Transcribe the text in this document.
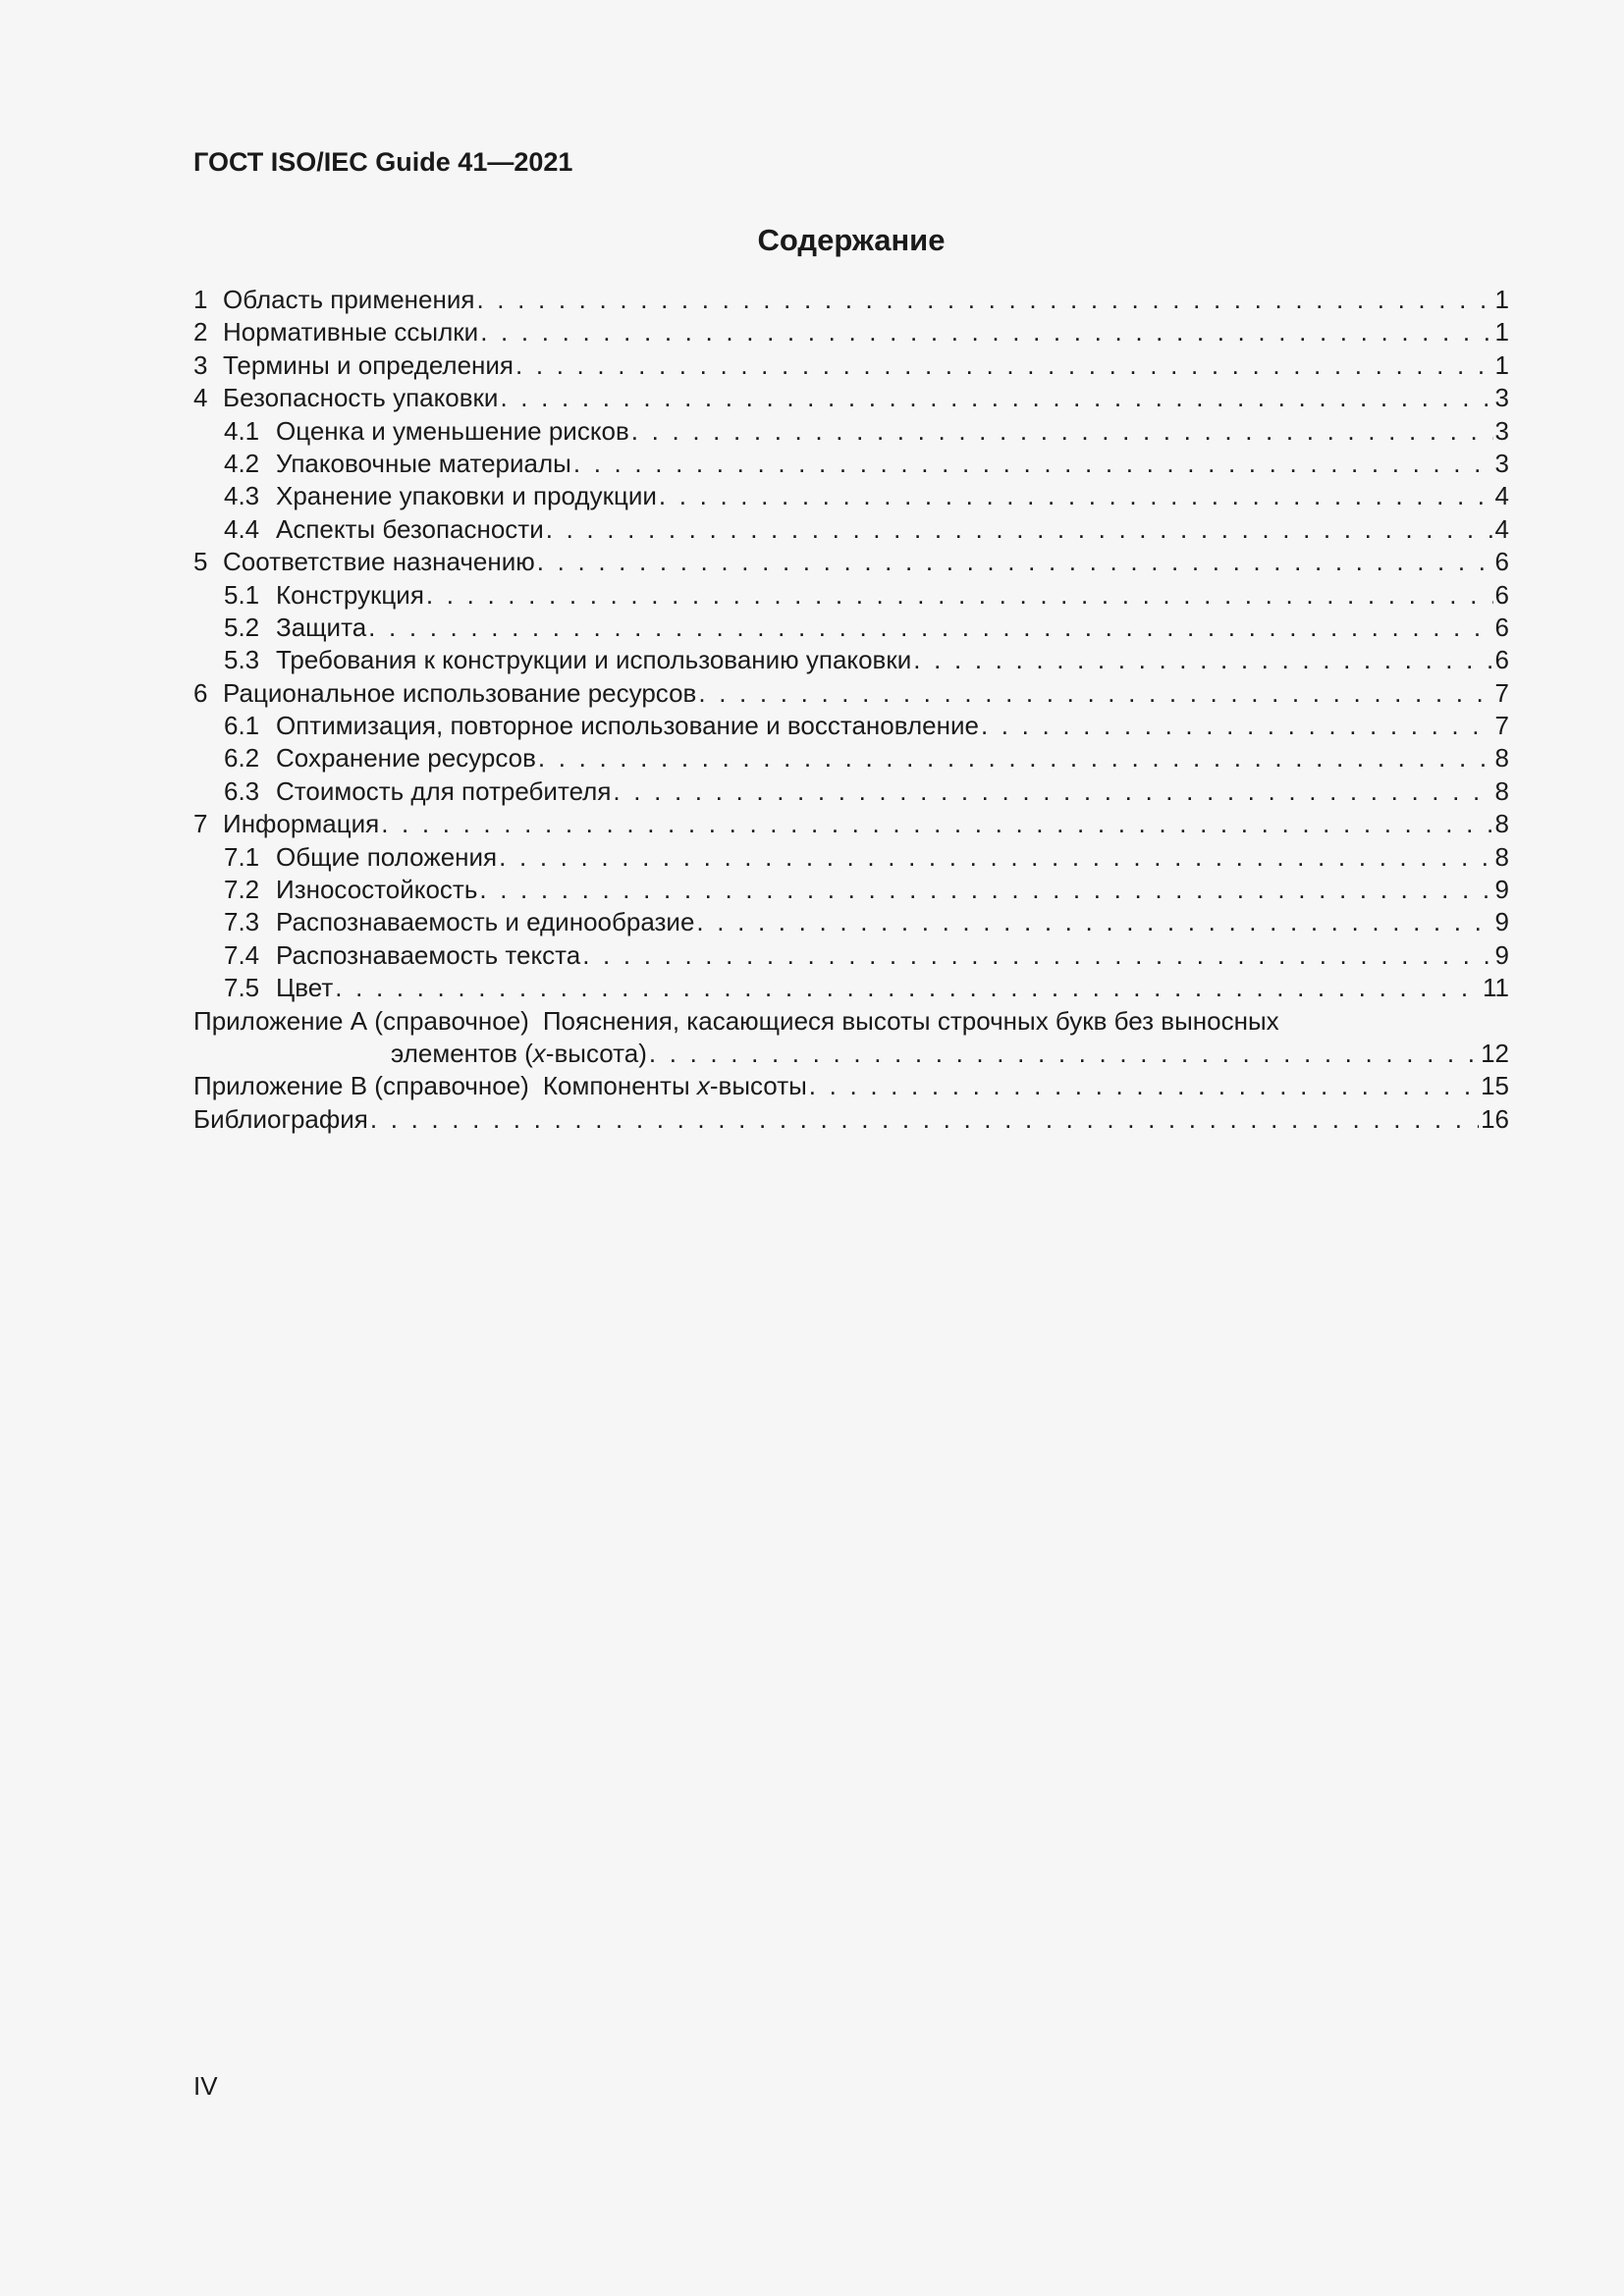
ГОСТ ISO/IEC Guide 41—2021
Содержание
1 Область применения . . .	1
2 Нормативные ссылки . . .	1
3 Термины и определения . . .	1
4 Безопасность упаковки . . .	3
4.1 Оценка и уменьшение рисков . . .	3
4.2 Упаковочные материалы . . .	3
4.3 Хранение упаковки и продукции . . .	4
4.4 Аспекты безопасности . . .	4
5 Соответствие назначению . . .	6
5.1 Конструкция . . .	6
5.2 Защита . . .	6
5.3 Требования к конструкции и использованию упаковки . . .	6
6 Рациональное использование ресурсов . . .	7
6.1 Оптимизация, повторное использование и восстановление . . .	7
6.2 Сохранение ресурсов . . .	8
6.3 Стоимость для потребителя . . .	8
7 Информация . . .	8
7.1 Общие положения . . .	8
7.2 Износостойкость . . .	9
7.3 Распознаваемость и единообразие . . .	9
7.4 Распознаваемость текста . . .	9
7.5 Цвет . . .	11
Приложение А (справочное) Пояснения, касающиеся высоты строчных букв без выносных
элементов (x-высота) . . .	12
Приложение В (справочное) Компоненты x-высоты . . .	15
Библиография . . .	16
IV
